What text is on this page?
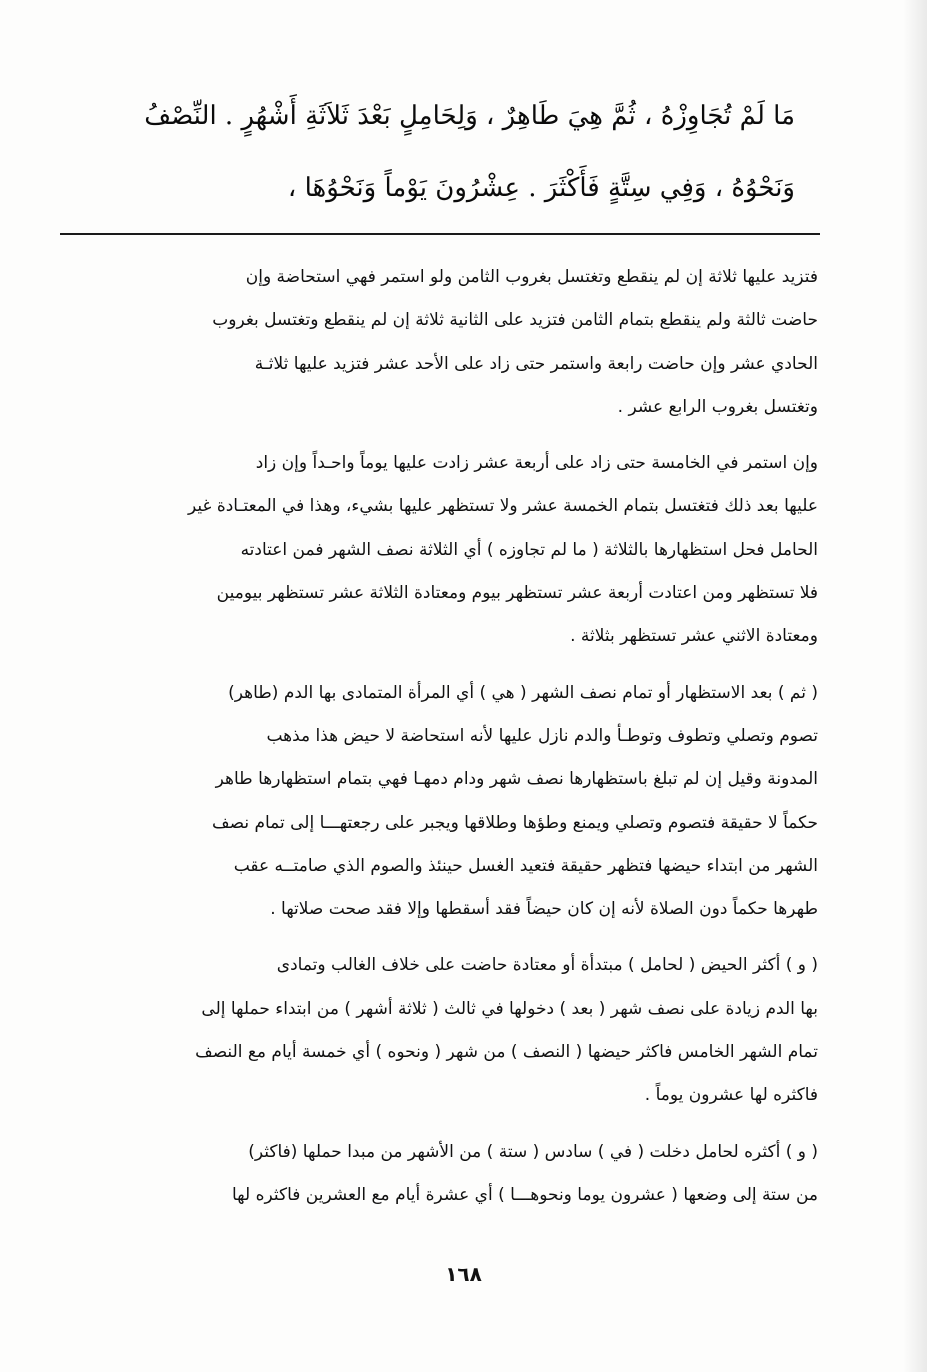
مَا لَمْ تُجَاوِزْهُ ، ثُمَّ هِيَ طَاهِرٌ ، وَلِحَامِلٍ بَعْدَ ثَلاَثَةِ أَشْهُرٍ . النِّصْفُ

وَنَحْوُهُ ، وَفِي سِتَّةٍ فَأَكْثَرَ . عِشْرُونَ يَوْماً وَنَحْوُهَا ،

فتزيد عليها ثلاثة إن لم ينقطع وتغتسل بغروب الثامن ولو استمر فهي استحاضة وإن
حاضت ثالثة ولم ينقطع بتمام الثامن فتزيد على الثانية ثلاثة إن لم ينقطع وتغتسل بغروب
الحادي عشر وإن حاضت رابعة واستمر حتى زاد على الأحد عشر فتزيد عليها ثلاثـة
وتغتسل بغروب الرابع عشر .

وإن استمر في الخامسة حتى زاد على أربعة عشر زادت عليها يوماً واحـداً وإن زاد
عليها بعد ذلك فتغتسل بتمام الخمسة عشر ولا تستظهر عليها بشيء، وهذا في المعتـادة غير
الحامل فحل استظهارها بالثلاثة ( ما لم تجاوزه ) أي الثلاثة نصف الشهر فمن اعتادته
فلا تستظهر ومن اعتادت أربعة عشر تستظهر بيوم ومعتادة الثلاثة عشر تستظهر بيومين
ومعتادة الاثني عشر تستظهر بثلاثة .

( ثم ) بعد الاستظهار أو تمام نصف الشهر ( هي ) أي المرأة المتمادى بها الدم (طاهر)
تصوم وتصلي وتطوف وتوطـأ والدم نازل عليها لأنه استحاضة لا حيض هذا مذهب
المدونة وقيل إن لم تبلغ باستظهارها نصف شهر ودام دمهـا فهي بتمام استظهارها طاهر
حكماً لا حقيقة فتصوم وتصلي ويمنع وطؤها وطلاقها ويجبر على رجعتهـــا إلى تمام نصف
الشهر من ابتداء حيضها فتظهر حقيقة فتعيد الغسل حينئذ والصوم الذي صامتــه عقب
طهرها حكماً دون الصلاة لأنه إن كان حيضاً فقد أسقطها وإلا فقد صحت صلاتها .

( و ) أكثر الحيض ( لحامل ) مبتدأة أو معتادة حاضت على خلاف الغالب وتمادى
بها الدم زيادة على نصف شهر ( بعد ) دخولها في ثالث ( ثلاثة أشهر ) من ابتداء حملها إلى
تمام الشهر الخامس فاكثر حيضها ( النصف ) من شهر ( ونحوه ) أي خمسة أيام مع النصف
فاكثره لها عشرون يوماً .

( و ) أكثره لحامل دخلت ( في ) سادس ( ستة ) من الأشهر من مبدا حملها (فاكثر)
من ستة إلى وضعها ( عشرون يوما ونحوهـــا ) أي عشرة أيام مع العشرين فاكثره لها

١٦٨
